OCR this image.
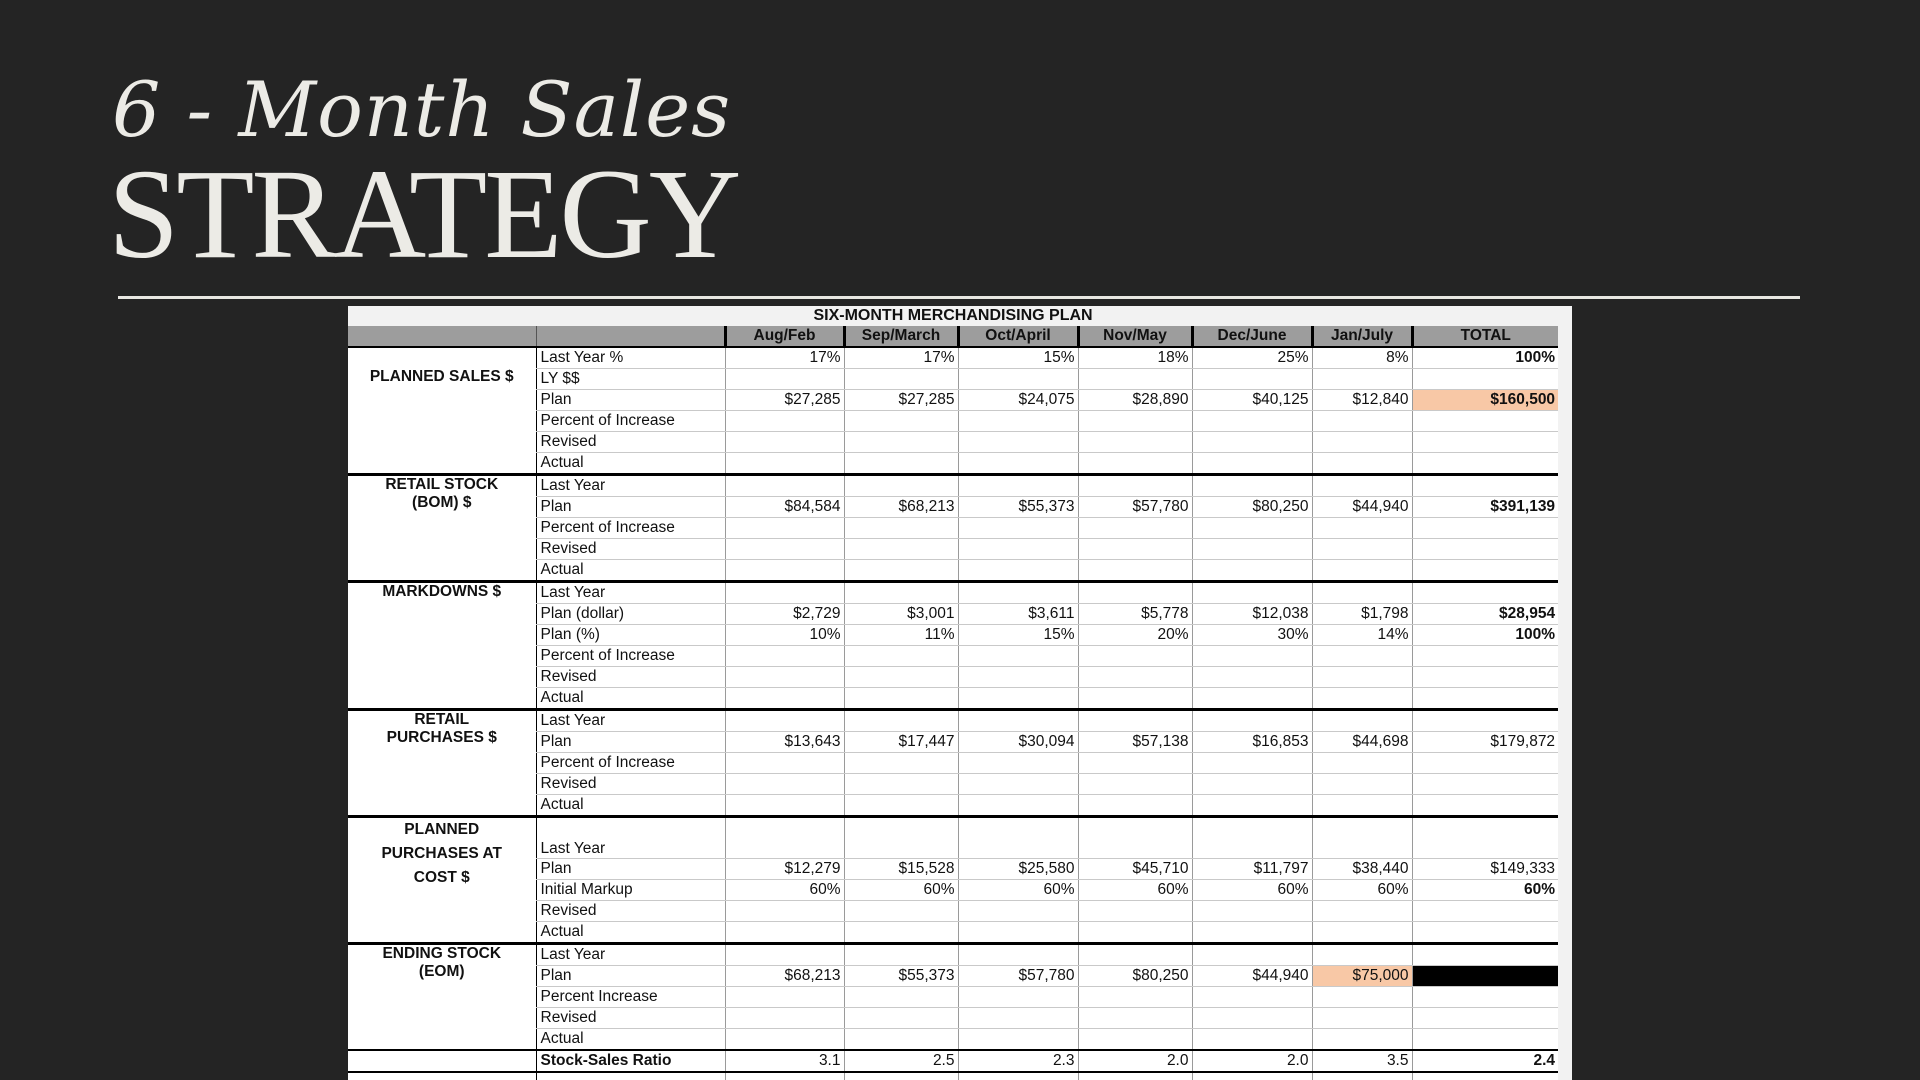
6 - Month Sales
STRATEGY
SIX-MONTH MERCHANDISING PLAN								
		Aug/Feb	Sep/March	Oct/April	Nov/May	Dec/June	Jan/July	TOTAL
PLANNED SALES $	Last Year %	17%	17%	15%	18%	25%	8%	100%
	LY $$							
	Plan	$27,285	$27,285	$24,075	$28,890	$40,125	$12,840	$160,500
	Percent of Increase							
	Revised							
	Actual							
RETAIL STOCK
(BOM) $	Last Year							
	Plan	$84,584	$68,213	$55,373	$57,780	$80,250	$44,940	$391,139
	Percent of Increase							
	Revised							
	Actual							
MARKDOWNS $	Last Year							
	Plan (dollar)	$2,729	$3,001	$3,611	$5,778	$12,038	$1,798	$28,954
	Plan (%)	10%	11%	15%	20%	30%	14%	100%
	Percent of Increase							
	Revised							
	Actual							
RETAIL
PURCHASES $	Last Year							
	Plan	$13,643	$17,447	$30,094	$57,138	$16,853	$44,698	$179,872
	Percent of Increase							
	Revised							
	Actual							
PLANNED
PURCHASES AT
COST $	Last Year							
	Plan	$12,279	$15,528	$25,580	$45,710	$11,797	$38,440	$149,333
	Initial Markup	60%	60%	60%	60%	60%	60%	60%
	Revised							
	Actual							
ENDING STOCK
(EOM)	Last Year							
	Plan	$68,213	$55,373	$57,780	$80,250	$44,940	$75,000	
	Percent Increase							
	Revised							
	Actual							
	Stock-Sales Ratio	3.1	2.5	2.3	2.0	2.0	3.5	2.4
